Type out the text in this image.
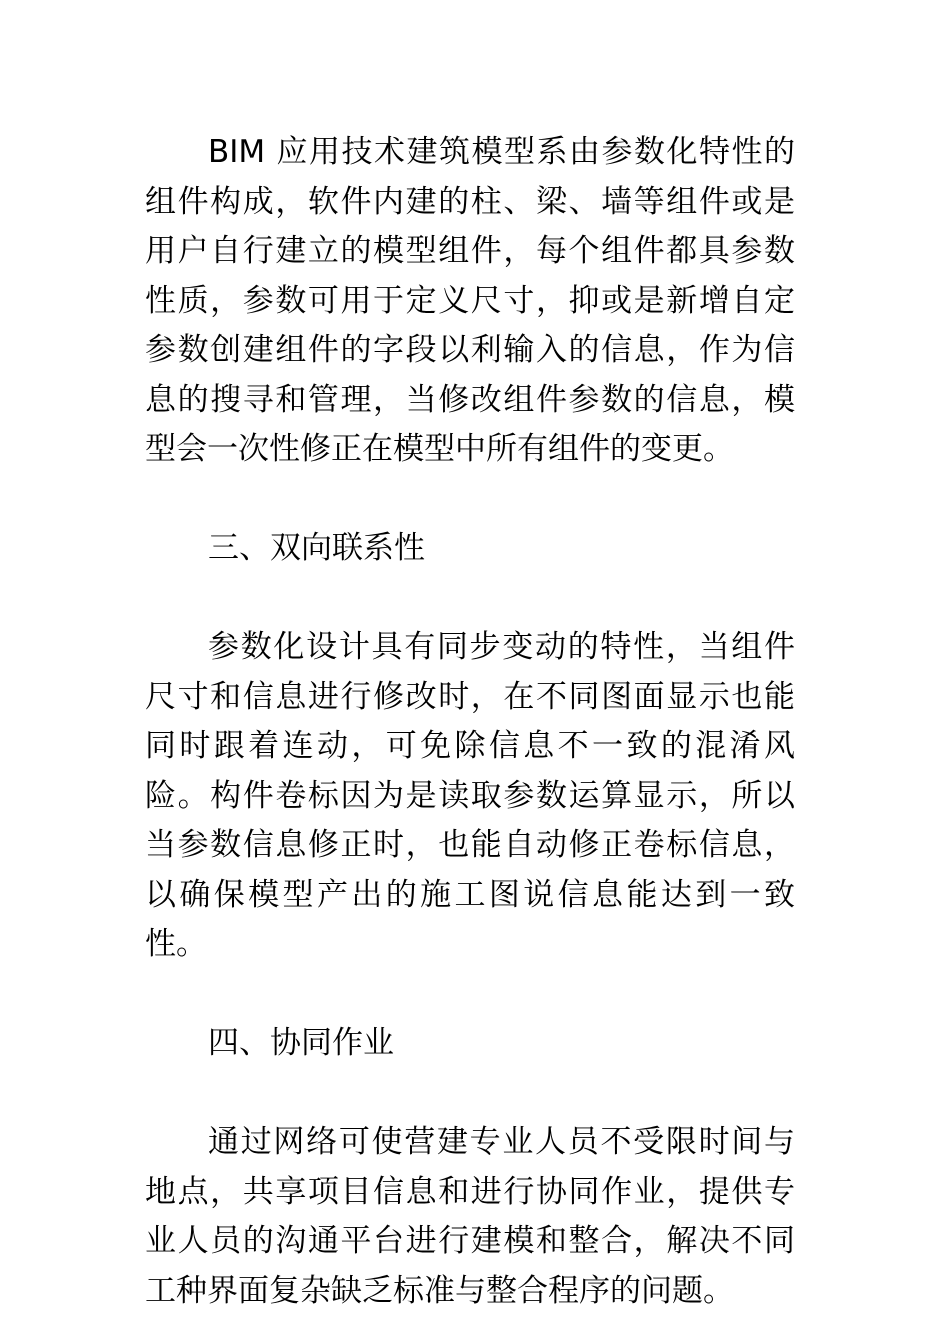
BIM 应用技术建筑模型系由参数化特性的组件构成，软件内建的柱、梁、墙等组件或是用户自行建立的模型组件，每个组件都具参数性质，参数可用于定义尺寸，抑或是新增自定参数创建组件的字段以利输入的信息，作为信息的搜寻和管理，当修改组件参数的信息，模型会一次性修正在模型中所有组件的变更。

三、双向联系性

参数化设计具有同步变动的特性，当组件尺寸和信息进行修改时，在不同图面显示也能同时跟着连动，可免除信息不一致的混淆风险。构件卷标因为是读取参数运算显示，所以当参数信息修正时，也能自动修正卷标信息，以确保模型产出的施工图说信息能达到一致性。

四、协同作业

通过网络可使营建专业人员不受限时间与地点，共享项目信息和进行协同作业，提供专业人员的沟通平台进行建模和整合，解决不同工种界面复杂缺乏标准与整合程序的问题。
